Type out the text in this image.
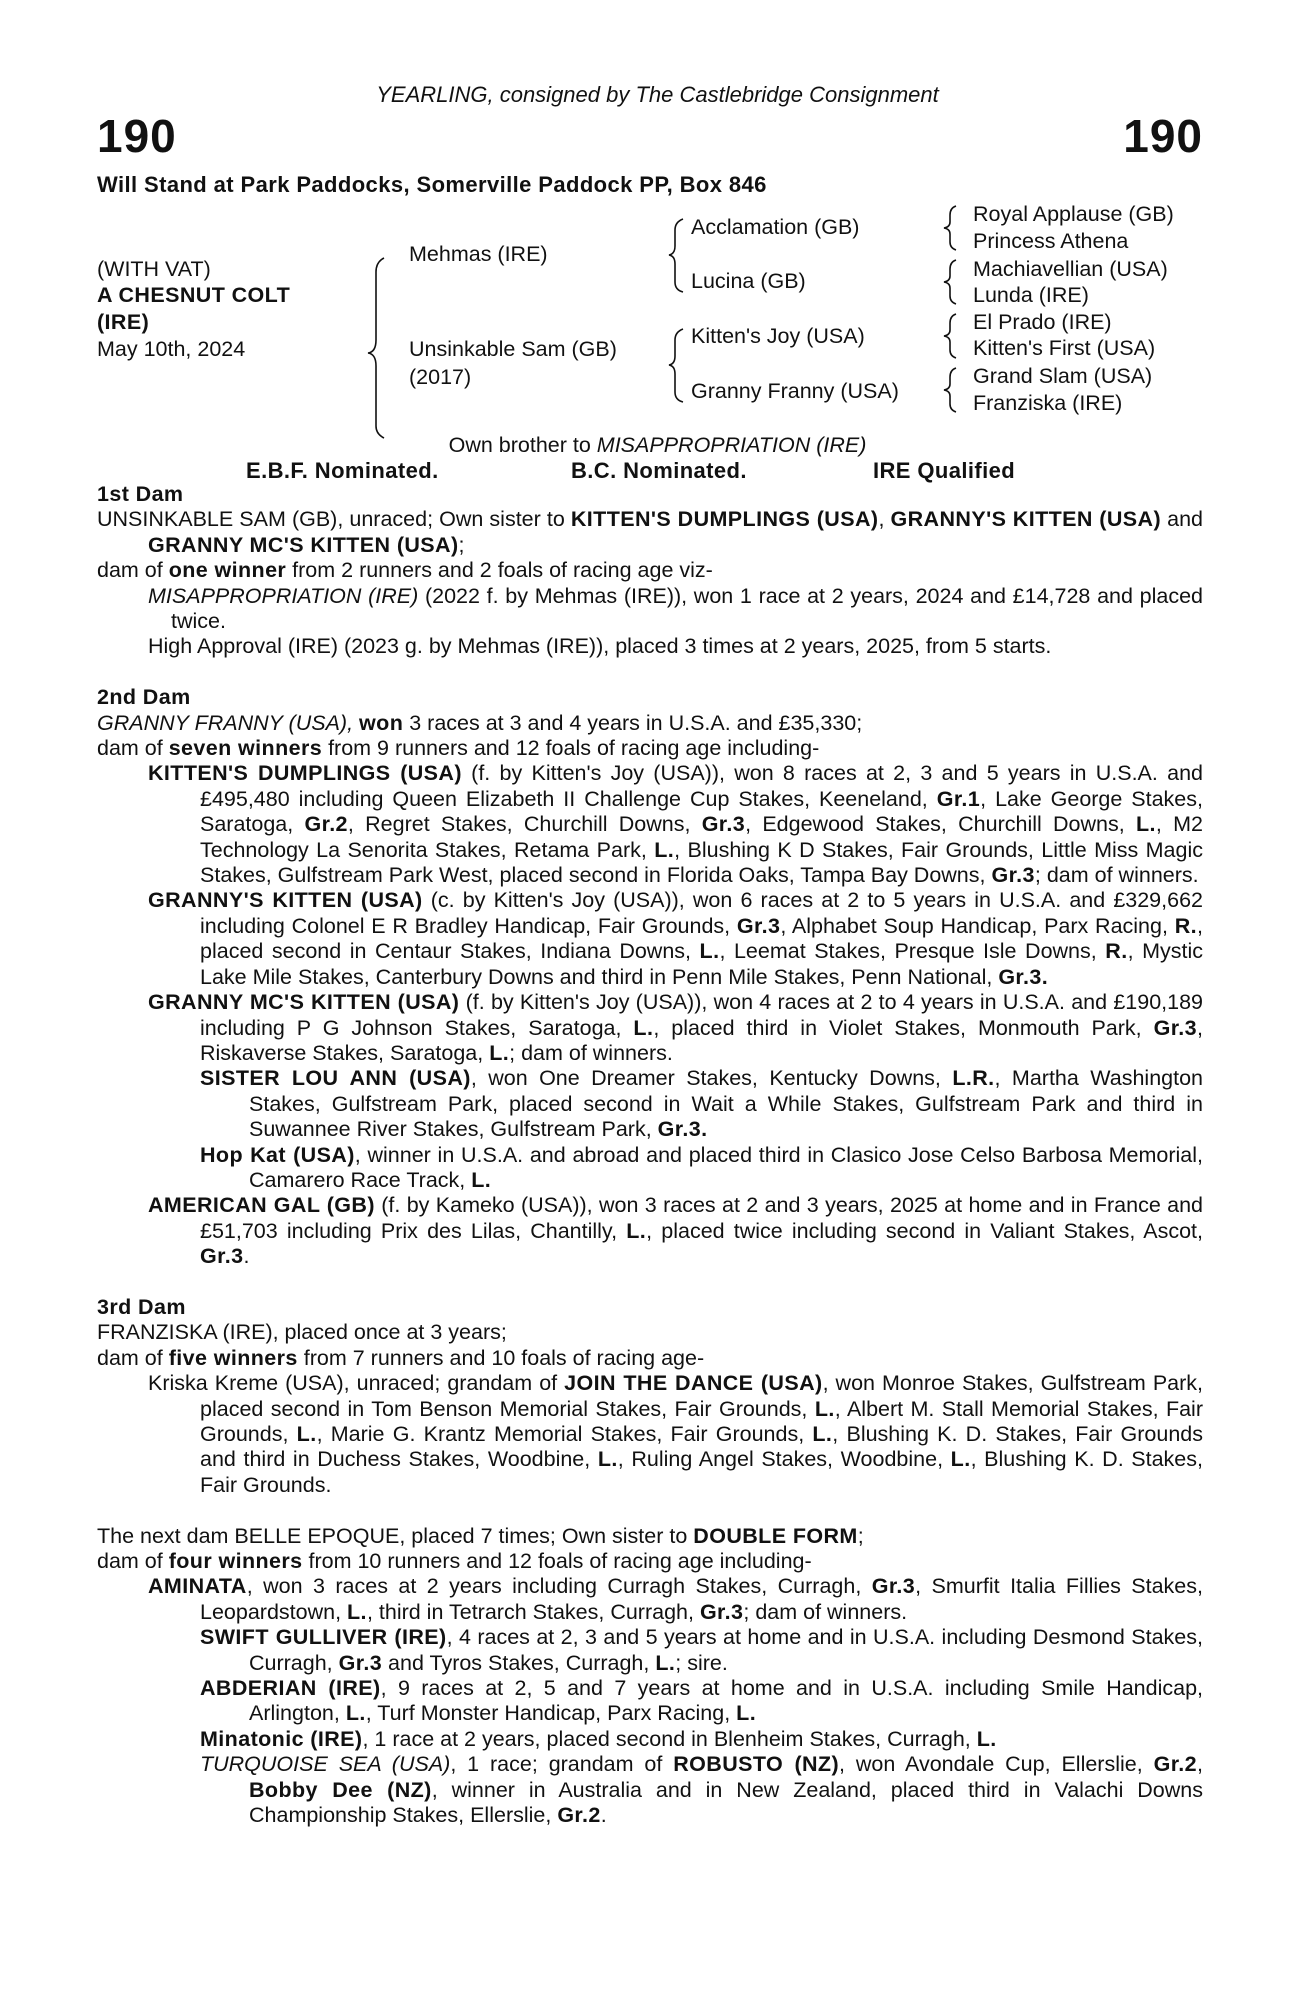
YEARLING, consigned by The Castlebridge Consignment
190	190
Will Stand at Park Paddocks, Somerville Paddock PP, Box 846
(WITH VAT)
A CHESNUT COLT
(IRE)
May 10th, 2024
Mehmas (IRE)
Unsinkable Sam (GB)
(2017)
Acclamation (GB)
Lucina (GB)
Kitten's Joy (USA)
Granny Franny (USA)
Royal Applause (GB)
Princess Athena
Machiavellian (USA)
Lunda (IRE)
El Prado (IRE)
Kitten's First (USA)
Grand Slam (USA)
Franziska (IRE)
Own brother to MISAPPROPRIATION (IRE)
E.B.F. Nominated.	B.C. Nominated.	IRE Qualified
1st Dam
UNSINKABLE SAM (GB), unraced; Own sister to KITTEN'S DUMPLINGS (USA), GRANNY'S KITTEN (USA) and GRANNY MC'S KITTEN (USA);
dam of one winner from 2 runners and 2 foals of racing age viz-
MISAPPROPRIATION (IRE) (2022 f. by Mehmas (IRE)), won 1 race at 2 years, 2024 and £14,728 and placed twice.
High Approval (IRE) (2023 g. by Mehmas (IRE)), placed 3 times at 2 years, 2025, from 5 starts.
2nd Dam
GRANNY FRANNY (USA), won 3 races at 3 and 4 years in U.S.A. and £35,330;
dam of seven winners from 9 runners and 12 foals of racing age including-
KITTEN'S DUMPLINGS (USA) (f. by Kitten's Joy (USA)), won 8 races at 2, 3 and 5 years in U.S.A. and £495,480 including Queen Elizabeth II Challenge Cup Stakes, Keeneland, Gr.1, Lake George Stakes, Saratoga, Gr.2, Regret Stakes, Churchill Downs, Gr.3, Edgewood Stakes, Churchill Downs, L., M2 Technology La Senorita Stakes, Retama Park, L., Blushing K D Stakes, Fair Grounds, Little Miss Magic Stakes, Gulfstream Park West, placed second in Florida Oaks, Tampa Bay Downs, Gr.3; dam of winners.
GRANNY'S KITTEN (USA) (c. by Kitten's Joy (USA)), won 6 races at 2 to 5 years in U.S.A. and £329,662 including Colonel E R Bradley Handicap, Fair Grounds, Gr.3, Alphabet Soup Handicap, Parx Racing, R., placed second in Centaur Stakes, Indiana Downs, L., Leemat Stakes, Presque Isle Downs, R., Mystic Lake Mile Stakes, Canterbury Downs and third in Penn Mile Stakes, Penn National, Gr.3.
GRANNY MC'S KITTEN (USA) (f. by Kitten's Joy (USA)), won 4 races at 2 to 4 years in U.S.A. and £190,189 including P G Johnson Stakes, Saratoga, L., placed third in Violet Stakes, Monmouth Park, Gr.3, Riskaverse Stakes, Saratoga, L.; dam of winners.
SISTER LOU ANN (USA), won One Dreamer Stakes, Kentucky Downs, L.R., Martha Washington Stakes, Gulfstream Park, placed second in Wait a While Stakes, Gulfstream Park and third in Suwannee River Stakes, Gulfstream Park, Gr.3.
Hop Kat (USA), winner in U.S.A. and abroad and placed third in Clasico Jose Celso Barbosa Memorial, Camarero Race Track, L.
AMERICAN GAL (GB) (f. by Kameko (USA)), won 3 races at 2 and 3 years, 2025 at home and in France and £51,703 including Prix des Lilas, Chantilly, L., placed twice including second in Valiant Stakes, Ascot, Gr.3.
3rd Dam
FRANZISKA (IRE), placed once at 3 years;
dam of five winners from 7 runners and 10 foals of racing age-
Kriska Kreme (USA), unraced; grandam of JOIN THE DANCE (USA), won Monroe Stakes, Gulfstream Park, placed second in Tom Benson Memorial Stakes, Fair Grounds, L., Albert M. Stall Memorial Stakes, Fair Grounds, L., Marie G. Krantz Memorial Stakes, Fair Grounds, L., Blushing K. D. Stakes, Fair Grounds and third in Duchess Stakes, Woodbine, L., Ruling Angel Stakes, Woodbine, L., Blushing K. D. Stakes, Fair Grounds.
The next dam BELLE EPOQUE, placed 7 times; Own sister to DOUBLE FORM;
dam of four winners from 10 runners and 12 foals of racing age including-
AMINATA, won 3 races at 2 years including Curragh Stakes, Curragh, Gr.3, Smurfit Italia Fillies Stakes, Leopardstown, L., third in Tetrarch Stakes, Curragh, Gr.3; dam of winners.
SWIFT GULLIVER (IRE), 4 races at 2, 3 and 5 years at home and in U.S.A. including Desmond Stakes, Curragh, Gr.3 and Tyros Stakes, Curragh, L.; sire.
ABDERIAN (IRE), 9 races at 2, 5 and 7 years at home and in U.S.A. including Smile Handicap, Arlington, L., Turf Monster Handicap, Parx Racing, L.
Minatonic (IRE), 1 race at 2 years, placed second in Blenheim Stakes, Curragh, L.
TURQUOISE SEA (USA), 1 race; grandam of ROBUSTO (NZ), won Avondale Cup, Ellerslie, Gr.2, Bobby Dee (NZ), winner in Australia and in New Zealand, placed third in Valachi Downs Championship Stakes, Ellerslie, Gr.2.
